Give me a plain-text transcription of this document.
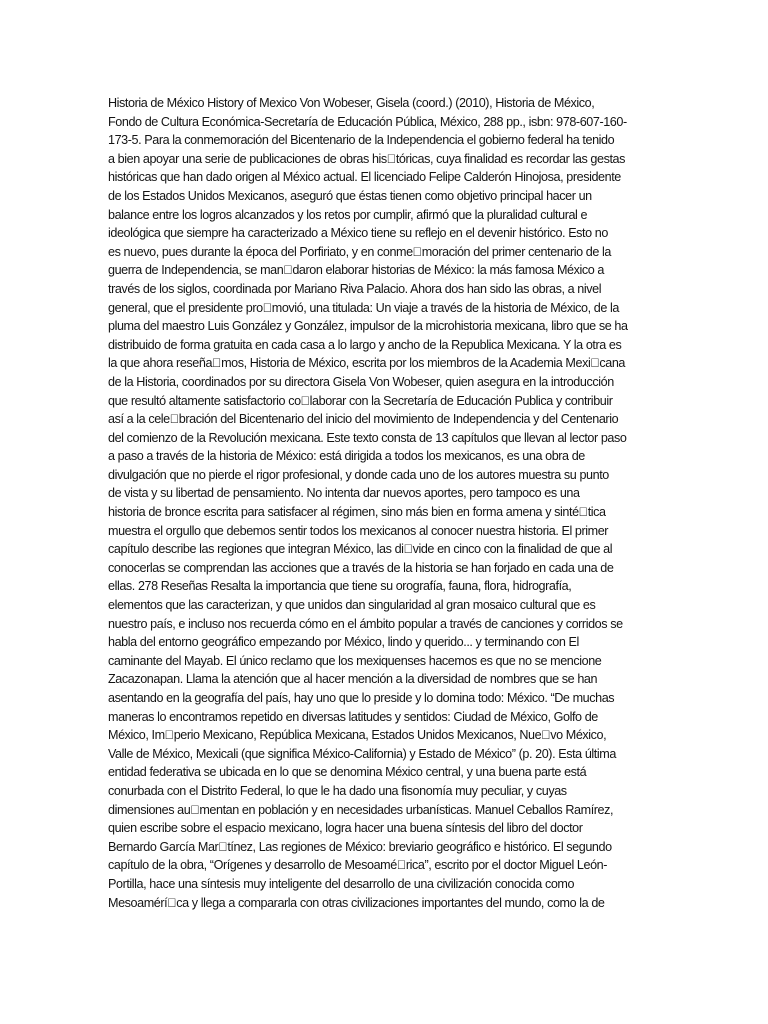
Historia de México History of Mexico Von Wobeser, Gisela (coord.) (2010), Historia de México,
Fondo de Cultura Económica-Secretaría de Educación Pública, México, 288 pp., isbn: 978-607-160-
173-5. Para la conmemoración del Bicentenario de la Independencia el gobierno federal ha tenido
a bien apoyar una serie de publicaciones de obras his tóricas, cuya finalidad es recordar las gestas
históricas que han dado origen al México actual. El licenciado Felipe Calderón Hinojosa, presidente
de los Estados Unidos Mexicanos, aseguró que éstas tienen como objetivo principal hacer un
balance entre los logros alcanzados y los retos por cumplir, afirmó que la pluralidad cultural e
ideológica que siempre ha caracterizado a México tiene su reflejo en el devenir histórico. Esto no
es nuevo, pues durante la época del Porfiriato, y en conme moración del primer centenario de la
guerra de Independencia, se man daron elaborar historias de México: la más famosa México a
través de los siglos, coordinada por Mariano Riva Palacio. Ahora dos han sido las obras, a nivel
general, que el presidente pro movió, una titulada: Un viaje a través de la historia de México, de la
pluma del maestro Luis González y González, impulsor de la microhistoria mexicana, libro que se ha
distribuido de forma gratuita en cada casa a lo largo y ancho de la Republica Mexicana. Y la otra es
la que ahora reseña mos, Historia de México, escrita por los miembros de la Academia Mexi cana
de la Historia, coordinados por su directora Gisela Von Wobeser, quien asegura en la introducción
que resultó altamente satisfactorio co laborar con la Secretaría de Educación Publica y contribuir
así a la cele bración del Bicentenario del inicio del movimiento de Independencia y del Centenario
del comienzo de la Revolución mexicana. Este texto consta de 13 capítulos que llevan al lector paso
a paso a través de la historia de México: está dirigida a todos los mexicanos, es una obra de
divulgación que no pierde el rigor profesional, y donde cada uno de los autores muestra su punto
de vista y su libertad de pensamiento. No intenta dar nuevos aportes, pero tampoco es una
historia de bronce escrita para satisfacer al régimen, sino más bien en forma amena y sinté tica
muestra el orgullo que debemos sentir todos los mexicanos al conocer nuestra historia. El primer
capítulo describe las regiones que integran México, las di vide en cinco con la finalidad de que al
conocerlas se comprendan las acciones que a través de la historia se han forjado en cada una de
ellas. 278 Reseñas Resalta la importancia que tiene su orografía, fauna, flora, hidrografía,
elementos que las caracterizan, y que unidos dan singularidad al gran mosaico cultural que es
nuestro país, e incluso nos recuerda cómo en el ámbito popular a través de canciones y corridos se
habla del entorno geográfico empezando por México, lindo y querido... y terminando con El
caminante del Mayab. El único reclamo que los mexiquenses hacemos es que no se mencione
Zacazonapan. Llama la atención que al hacer mención a la diversidad de nombres que se han
asentando en la geografía del país, hay uno que lo preside y lo domina todo: México. “De muchas
maneras lo encontramos repetido en diversas latitudes y sentidos: Ciudad de México, Golfo de
México, Im perio Mexicano, República Mexicana, Estados Unidos Mexicanos, Nue vo México,
Valle de México, Mexicali (que significa México-California) y Estado de México” (p. 20). Esta última
entidad federativa se ubicada en lo que se denomina México central, y una buena parte está
conurbada con el Distrito Federal, lo que le ha dado una fisonomía muy peculiar, y cuyas
dimensiones au mentan en población y en necesidades urbanísticas. Manuel Ceballos Ramírez,
quien escribe sobre el espacio mexicano, logra hacer una buena síntesis del libro del doctor
Bernardo García Mar tínez, Las regiones de México: breviario geográfico e histórico. El segundo
capítulo de la obra, “Orígenes y desarrollo de Mesoamé rica”, escrito por el doctor Miguel León-
Portilla, hace una síntesis muy inteligente del desarrollo de una civilización conocida como
Mesoamérí ca y llega a compararla con otras civilizaciones importantes del mundo, como la de
